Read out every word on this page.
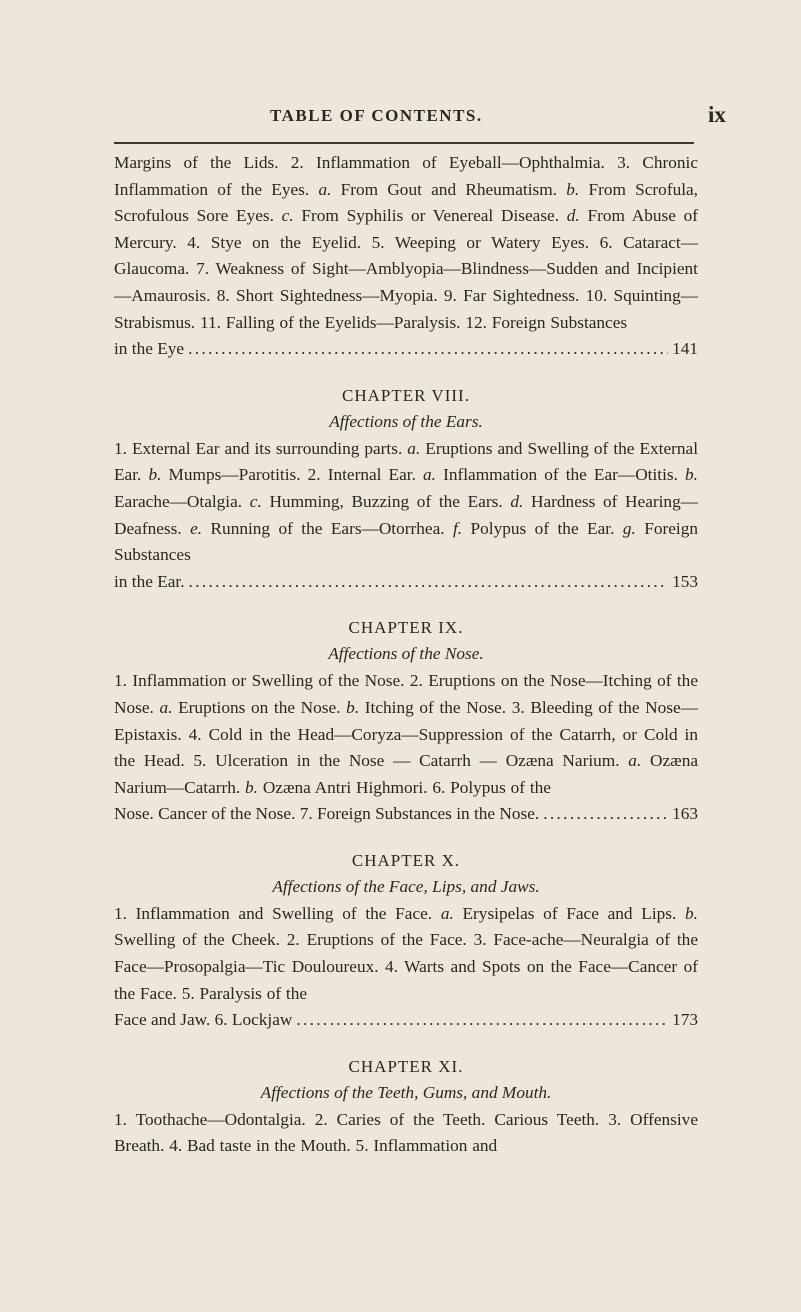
TABLE OF CONTENTS.	ix

Margins of the Lids. 2. Inflammation of Eyeball—Ophthalmia. 3. Chronic Inflammation of the Eyes. a. From Gout and Rheumatism. b. From Scrofula, Scrofulous Sore Eyes. c. From Syphilis or Venereal Disease. d. From Abuse of Mercury. 4. Stye on the Eyelid. 5. Weeping or Watery Eyes. 6. Cataract—Glaucoma. 7. Weakness of Sight—Amblyopia—Blindness—Sudden and Incipient—Amaurosis. 8. Short Sightedness—Myopia. 9. Far Sightedness. 10. Squinting—Strabismus. 11. Falling of the Eyelids—Paralysis. 12. Foreign Substances

in the Eye . . .	141
CHAPTER VIII.
Affections of the Ears.

1. External Ear and its surrounding parts. a. Eruptions and Swelling of the External Ear. b. Mumps—Parotitis. 2. Internal Ear. a. Inflammation of the Ear—Otitis. b. Earache—Otalgia. c. Humming, Buzzing of the Ears. d. Hardness of Hearing—Deafness. e. Running of the Ears—Otorrhea. f. Polypus of the Ear. g. Foreign Substances

in the Ear. . . .	153
CHAPTER IX.
Affections of the Nose.

1. Inflammation or Swelling of the Nose. 2. Eruptions on the Nose—Itching of the Nose. a. Eruptions on the Nose. b. Itching of the Nose. 3. Bleeding of the Nose—Epistaxis. 4. Cold in the Head—Coryza—Suppression of the Catarrh, or Cold in the Head. 5. Ulceration in the Nose — Catarrh — Ozæna Narium. a. Ozæna Narium—Catarrh. b. Ozæna Antri Highmori. 6. Polypus of the

Nose. Cancer of the Nose. 7. Foreign Substances in the Nose. . . .	163
CHAPTER X.
Affections of the Face, Lips, and Jaws.

1. Inflammation and Swelling of the Face. a. Erysipelas of Face and Lips. b. Swelling of the Cheek. 2. Eruptions of the Face. 3. Face-ache—Neuralgia of the Face—Prosopalgia—Tic Douloureux. 4. Warts and Spots on the Face—Cancer of the Face. 5. Paralysis of the

Face and Jaw. 6. Lockjaw . . .	173
CHAPTER XI.
Affections of the Teeth, Gums, and Mouth.

1. Toothache—Odontalgia. 2. Caries of the Teeth. Carious Teeth. 3. Offensive Breath. 4. Bad taste in the Mouth. 5. Inflammation and
